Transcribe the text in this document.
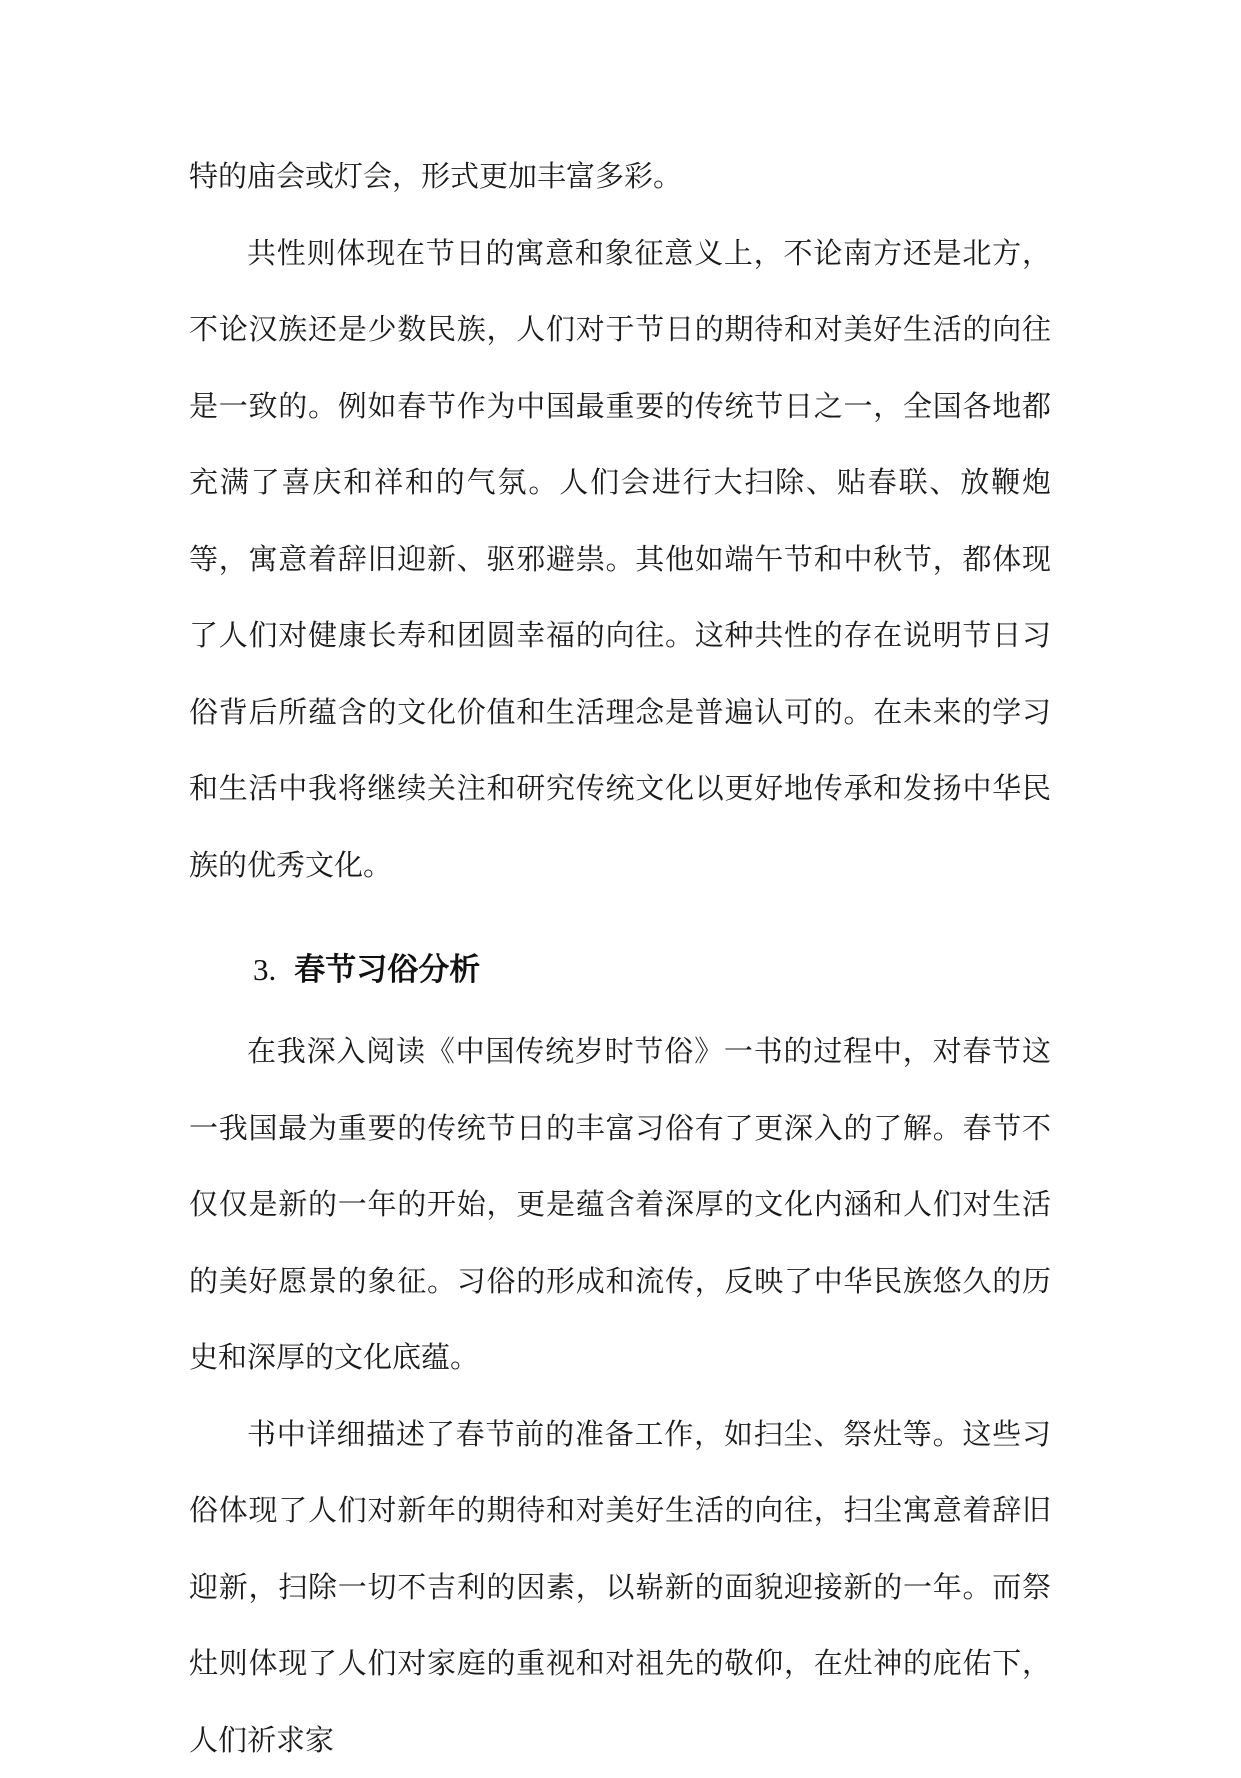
特的庙会或灯会，形式更加丰富多彩。

共性则体现在节日的寓意和象征意义上，不论南方还是北方，不论汉族还是少数民族，人们对于节日的期待和对美好生活的向往是一致的。例如春节作为中国最重要的传统节日之一，全国各地都充满了喜庆和祥和的气氛。人们会进行大扫除、贴春联、放鞭炮等，寓意着辞旧迎新、驱邪避祟。其他如端午节和中秋节，都体现了人们对健康长寿和团圆幸福的向往。这种共性的存在说明节日习俗背后所蕴含的文化价值和生活理念是普遍认可的。在未来的学习和生活中我将继续关注和研究传统文化以更好地传承和发扬中华民族的优秀文化。

3. 春节习俗分析

在我深入阅读《中国传统岁时节俗》一书的过程中，对春节这一我国最为重要的传统节日的丰富习俗有了更深入的了解。春节不仅仅是新的一年的开始，更是蕴含着深厚的文化内涵和人们对生活的美好愿景的象征。习俗的形成和流传，反映了中华民族悠久的历史和深厚的文化底蕴。

书中详细描述了春节前的准备工作，如扫尘、祭灶等。这些习俗体现了人们对新年的期待和对美好生活的向往，扫尘寓意着辞旧迎新，扫除一切不吉利的因素，以崭新的面貌迎接新的一年。而祭灶则体现了人们对家庭的重视和对祖先的敬仰，在灶神的庇佑下，人们祈求家
